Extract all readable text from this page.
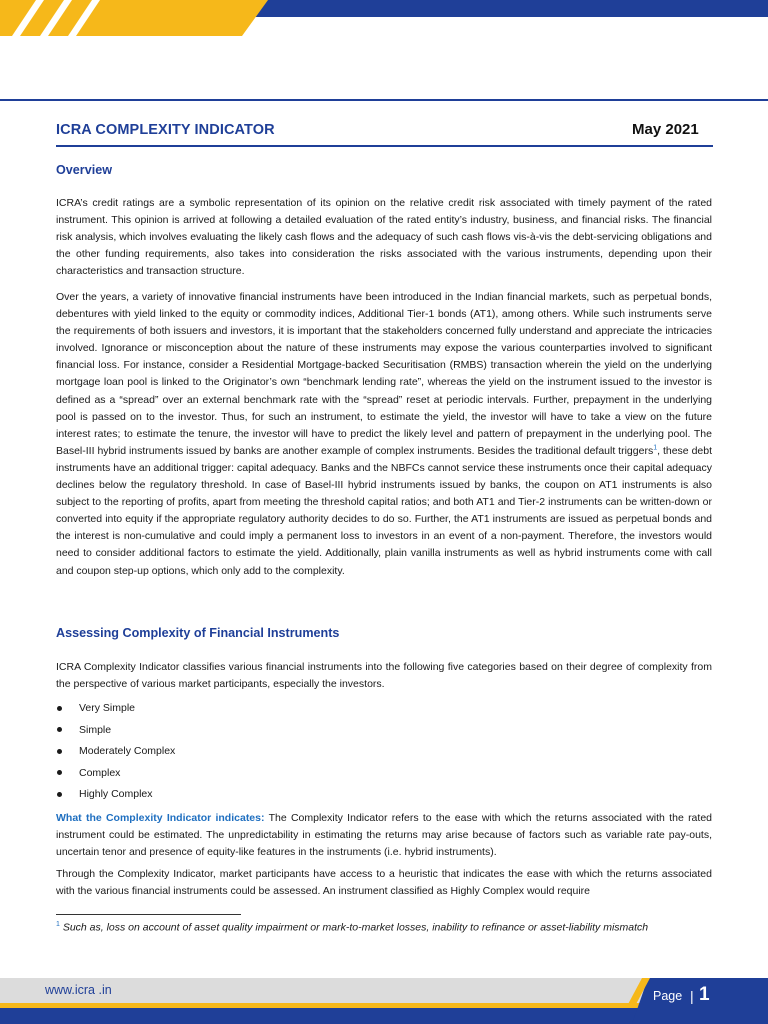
ICRA COMPLEXITY INDICATOR	May 2021
Overview

ICRA’s credit ratings are a symbolic representation of its opinion on the relative credit risk associated with timely payment of the rated instrument. This opinion is arrived at following a detailed evaluation of the rated entity’s industry, business, and financial risks. The financial risk analysis, which involves evaluating the likely cash flows and the adequacy of such cash flows vis-à-vis the debt-servicing obligations and the other funding requirements, also takes into consideration the risks associated with the various instruments, depending upon their characteristics and transaction structure.

Over the years, a variety of innovative financial instruments have been introduced in the Indian financial markets, such as perpetual bonds, debentures with yield linked to the equity or commodity indices, Additional Tier-1 bonds (AT1), among others. While such instruments serve the requirements of both issuers and investors, it is important that the stakeholders concerned fully understand and appreciate the intricacies involved. Ignorance or misconception about the nature of these instruments may expose the various counterparties involved to significant financial loss. For instance, consider a Residential Mortgage-backed Securitisation (RMBS) transaction wherein the yield on the underlying mortgage loan pool is linked to the Originator’s own “benchmark lending rate”, whereas the yield on the instrument issued to the investor is defined as a “spread” over an external benchmark rate with the “spread” reset at periodic intervals. Further, prepayment in the underlying pool is passed on to the investor. Thus, for such an instrument, to estimate the yield, the investor will have to take a view on the future interest rates; to estimate the tenure, the investor will have to predict the likely level and pattern of prepayment in the underlying pool. The Basel-III hybrid instruments issued by banks are another example of complex instruments. Besides the traditional default triggers$^1$, these debt instruments have an additional trigger: capital adequacy. Banks and the NBFCs cannot service these instruments once their capital adequacy declines below the regulatory threshold. In case of Basel-III hybrid instruments issued by banks, the coupon on AT1 instruments is also subject to the reporting of profits, apart from meeting the threshold capital ratios; and both AT1 and Tier-2 instruments can be written-down or converted into equity if the appropriate regulatory authority decides to do so. Further, the AT1 instruments are issued as perpetual bonds and the interest is non-cumulative and could imply a permanent loss to investors in an event of a non-payment. Therefore, the investors would need to consider additional factors to estimate the yield. Additionally, plain vanilla instruments as well as hybrid instruments come with call and coupon step-up options, which only add to the complexity.

Assessing Complexity of Financial Instruments

ICRA Complexity Indicator classifies various financial instruments into the following five categories based on their degree of complexity from the perspective of various market participants, especially the investors.

Very Simple
Simple
Moderately Complex
Complex
Highly Complex

What the Complexity Indicator indicates: The Complexity Indicator refers to the ease with which the returns associated with the rated instrument could be estimated. The unpredictability in estimating the returns may arise because of factors such as variable rate pay-outs, uncertain tenor and presence of equity-like features in the instruments (i.e. hybrid instruments).

Through the Complexity Indicator, market participants have access to a heuristic that indicates the ease with which the returns associated with the various financial instruments could be assessed. An instrument classified as Highly Complex would require

$^1$ Such as, loss on account of asset quality impairment or mark-to-market losses, inability to refinance or asset-liability mismatch
www.icra .in	Page | 1
